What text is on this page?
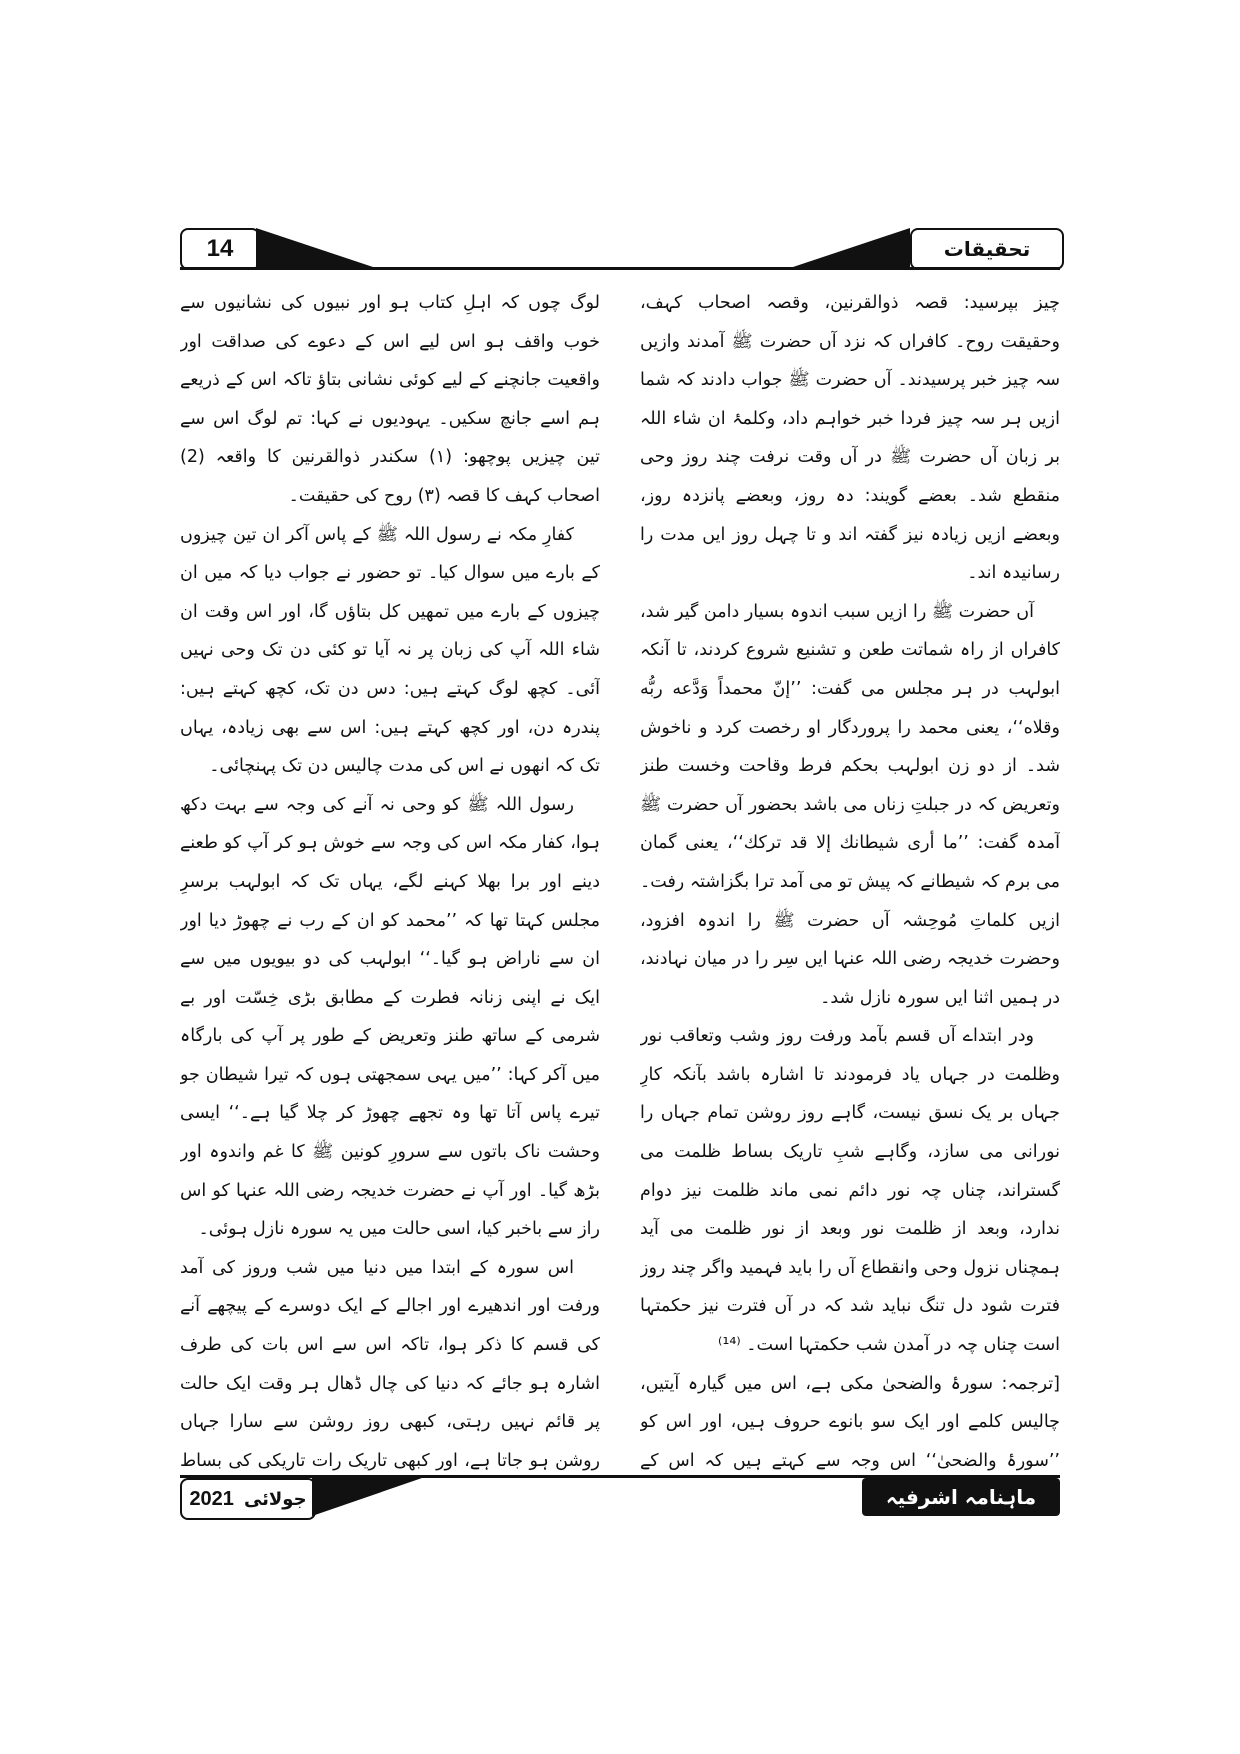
14	تحقیقات

چیز بپرسید: قصہ ذوالقرنین، وقصہ اصحاب کہف، وحقیقت روح۔ کافراں کہ نزد آں حضرت ﷺ آمدند وازیں سہ چیز خبر پرسیدند۔ آں حضرت ﷺ جواب دادند کہ شما ازیں ہر سہ چیز فردا خبر خواہم داد، وکلمۂ ان شاء اللہ بر زبان آں حضرت ﷺ در آں وقت نرفت چند روز وحی منقطع شد۔ بعضے گویند: دہ روز، وبعضے پانزدہ روز، وبعضے ازیں زیادہ نیز گفتہ اند و تا چہل روز ایں مدت را رسانیدہ اند۔

آں حضرت ﷺ را ازیں سبب اندوہ بسیار دامن گیر شد، کافراں از راہ شماتت طعن و تشنیع شروع کردند، تا آنکہ ابولہب در ہر مجلس می گفت: ’’إنّ محمداً وَدَّعه ربُّه وقلاه‘‘، یعنی محمد را پروردگار او رخصت کرد و ناخوش شد۔ از دو زن ابولہب بحکم فرط وقاحت وخست طنز وتعریض کہ در جبلتِ زناں می باشد بحضور آں حضرت ﷺ آمدہ گفت: ’’ما أرى شيطانك إلا قد تركك‘‘، یعنی گمان می برم کہ شیطانے کہ پیش تو می آمد ترا بگزاشتہ رفت۔ ازیں کلماتِ مُوحِشہ آں حضرت ﷺ را اندوہ افزود، وحضرت خدیجہ رضی اللہ عنہا ایں سِر را در میان نہادند، در ہمیں اثنا ایں سورہ نازل شد۔

ودر ابتداے آں قسم بآمد ورفت روز وشب وتعاقب نور وظلمت در جہاں یاد فرمودند تا اشارہ باشد بآنکہ کارِ جہاں بر یک نسق نیست، گاہے روز روشن تمام جہاں را نورانی می سازد، وگاہے شبِ تاریک بساط ظلمت می گستراند، چناں چہ نور دائم نمی ماند ظلمت نیز دوام ندارد، وبعد از ظلمت نور وبعد از نور ظلمت می آید ہمچناں نزول وحی وانقطاع آں را باید فہمید واگر چند روز فترت شود دل تنگ نباید شد کہ در آں فترت نیز حکمتہا است چناں چہ در آمدن شب حکمتہا است۔ ⁽¹⁴⁾

[ترجمہ: سورۂ والضحیٰ مکی ہے، اس میں گیارہ آیتیں، چالیس کلمے اور ایک سو بانوے حروف ہیں، اور اس کو ’’سورۂ والضحیٰ‘‘ اس وجہ سے کہتے ہیں کہ اس کے

لوگ چوں کہ اہلِ کتاب ہو اور نبیوں کی نشانیوں سے خوب واقف ہو اس لیے اس کے دعوے کی صداقت اور واقعیت جانچنے کے لیے کوئی نشانی بتاؤ تاکہ اس کے ذریعے ہم اسے جانچ سکیں۔ یہودیوں نے کہا: تم لوگ اس سے تین چیزیں پوچھو: (۱) سکندر ذوالقرنین کا واقعہ (2) اصحاب کہف کا قصہ (۳) روح کی حقیقت۔

کفارِ مکہ نے رسول اللہ ﷺ کے پاس آکر ان تین چیزوں کے بارے میں سوال کیا۔ تو حضور نے جواب دیا کہ میں ان چیزوں کے بارے میں تمھیں کل بتاؤں گا، اور اس وقت ان شاء اللہ آپ کی زبان پر نہ آیا تو کئی دن تک وحی نہیں آئی۔ کچھ لوگ کہتے ہیں: دس دن تک، کچھ کہتے ہیں: پندرہ دن، اور کچھ کہتے ہیں: اس سے بھی زیادہ، یہاں تک کہ انھوں نے اس کی مدت چالیس دن تک پہنچائی۔

رسول اللہ ﷺ کو وحی نہ آنے کی وجہ سے بہت دکھ ہوا، کفار مکہ اس کی وجہ سے خوش ہو کر آپ کو طعنے دینے اور برا بھلا کہنے لگے، یہاں تک کہ ابولہب برسرِ مجلس کہتا تھا کہ ’’محمد کو ان کے رب نے چھوڑ دیا اور ان سے ناراض ہو گیا۔‘‘ ابولہب کی دو بیویوں میں سے ایک نے اپنی زنانہ فطرت کے مطابق بڑی خِسّت اور بے شرمی کے ساتھ طنز وتعریض کے طور پر آپ کی بارگاہ میں آکر کہا: ’’میں یہی سمجھتی ہوں کہ تیرا شیطان جو تیرے پاس آتا تھا وہ تجھے چھوڑ کر چلا گیا ہے۔‘‘ ایسی وحشت ناک باتوں سے سرورِ کونین ﷺ کا غم واندوہ اور بڑھ گیا۔ اور آپ نے حضرت خدیجہ رضی اللہ عنہا کو اس راز سے باخبر کیا، اسی حالت میں یہ سورہ نازل ہوئی۔

اس سورہ کے ابتدا میں دنیا میں شب وروز کی آمد ورفت اور اندھیرے اور اجالے کے ایک دوسرے کے پیچھے آنے کی قسم کا ذکر ہوا، تاکہ اس سے اس بات کی طرف اشارہ ہو جائے کہ دنیا کی چال ڈھال ہر وقت ایک حالت پر قائم نہیں رہتی، کبھی روز روشن سے سارا جہاں روشن ہو جاتا ہے، اور کبھی تاریک رات تاریکی کی بساط

جولائی
2021	ماہنامہ اشرفیہ
